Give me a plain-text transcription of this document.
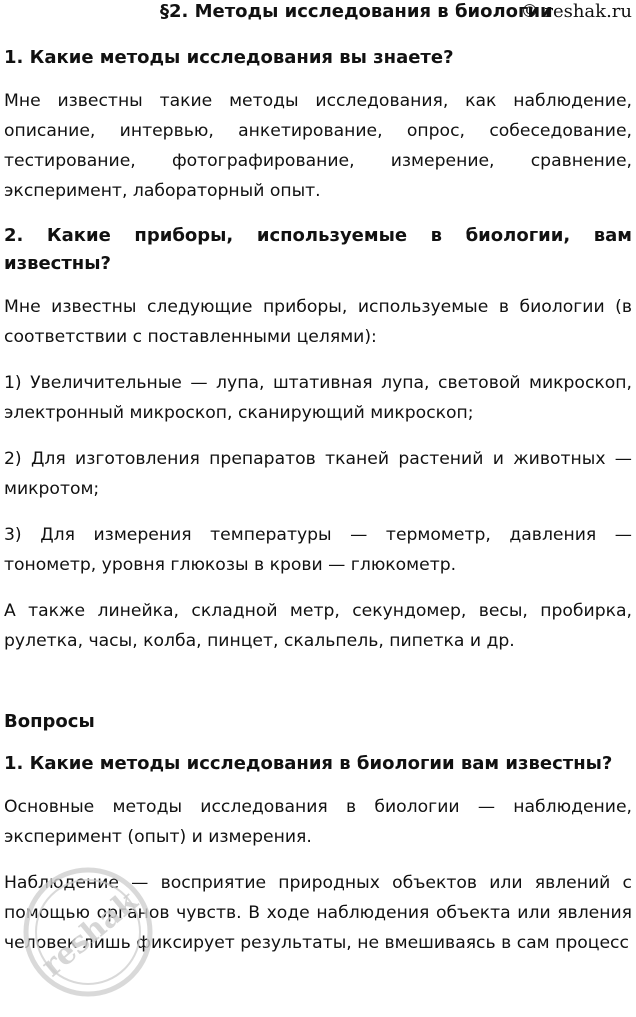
§2. Методы исследования в биологии
© reshak.ru
1. Какие методы исследования вы знаете?

Мне известны такие методы исследования, как наблюдение, описание, интервью, анкетирование, опрос, собеседование, тестирование, фотографирование, измерение, сравнение, эксперимент, лабораторный опыт.

2. Какие приборы, используемые в биологии, вам известны?

Мне известны следующие приборы, используемые в биологии (в соответствии с поставленными целями):

1) Увеличительные — лупа, штативная лупа, световой микроскоп, электронный микроскоп, сканирующий микроскоп;

2) Для изготовления препаратов тканей растений и животных — микротом;

3) Для измерения температуры — термометр, давления — тонометр, уровня глюкозы в крови — глюкометр.

А также линейка, складной метр, секундомер, весы, пробирка, рулетка, часы, колба, пинцет, скальпель, пипетка и др.

Вопросы
1. Какие методы исследования в биологии вам известны?

Основные методы исследования в биологии — наблюдение, эксперимент (опыт) и измерения.

Наблюдение — восприятие природных объектов или явлений с помощью органов чувств. В ходе наблюдения объекта или явления человек лишь фиксирует результаты, не вмешиваясь в сам процесс

reshak
